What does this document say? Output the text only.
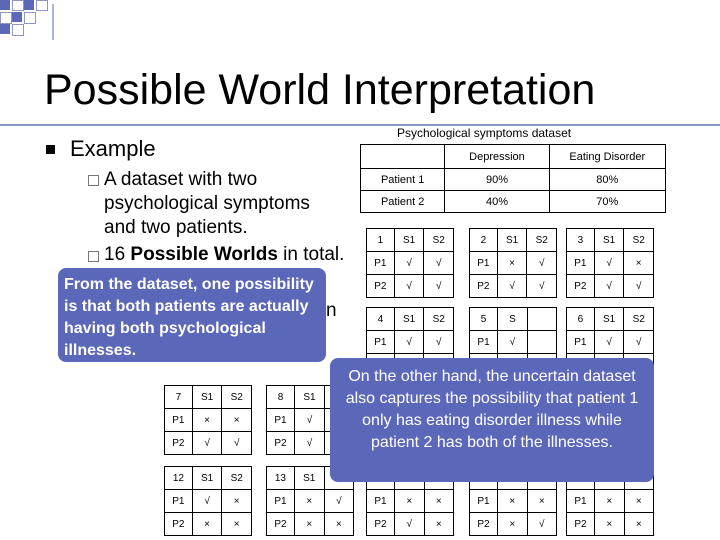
Possible World Interpretation
Example
A dataset with two
psychological symptoms
and two patients.
16 Possible Worlds in total.
n
Psychological symptoms dataset
	Depression	Eating Disorder
Patient 1	90%	80%
Patient 2	40%	70%
1	S1	S2
P1	√	√
P2	√	√
2	S1	S2
P1	×	√
P2	√	√
3	S1	S2
P1	√	×
P2	√	√
4	S1	S2
P1	√	√

5	S	
P1	√	

6	S1	S2
P1	√	√

7	S1	S2
P1	×	×
P2	√	√
8	S1	
P1	√	
P2	√	
12	S1	S2
P1	√	×
P2	×	×
13	S1	
P1	×	√
P2	×	×

P1	×	×
P2	√	×

P1	×	×
P2	×	√

P1	×	×
P2	×	×
From the dataset, one possibility is that both patients are actually having both psychological illnesses.
On the other hand, the uncertain dataset also captures the possibility that patient 1 only has eating disorder illness while patient 2 has both of the illnesses.
